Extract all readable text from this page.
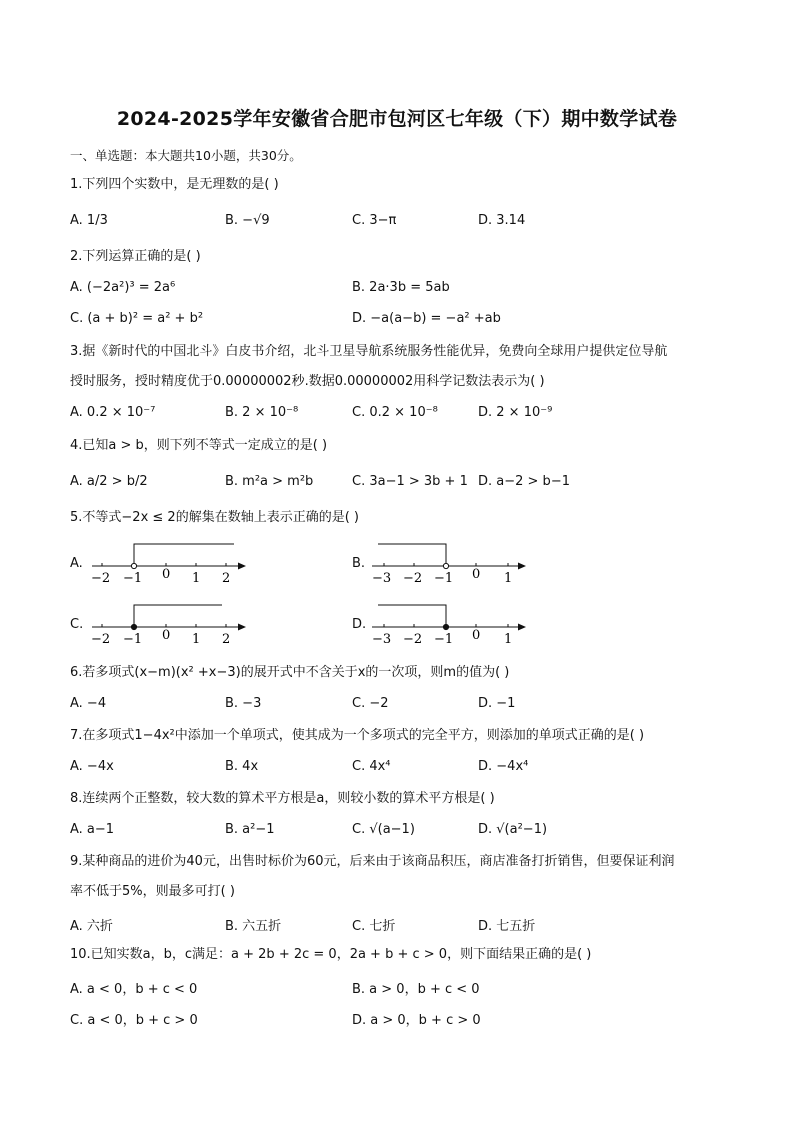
2024-2025学年安徽省合肥市包河区七年级（下）期中数学试卷
一、单选题：本大题共10小题，共30分。
1.下列四个实数中，是无理数的是( )
A. 1/3	B. −√9	C. 3−π	D. 3.14
2.下列运算正确的是( )
A. (−2a²)³ = 2a⁶	B. 2a·3b = 5ab
C. (a + b)² = a² + b²	D. −a(a−b) = −a² +ab
3.据《新时代的中国北斗》白皮书介绍，北斗卫星导航系统服务性能优异，免费向全球用户提供定位导航
授时服务，授时精度优于0.00000002秒.数据0.00000002用科学记数法表示为( )
A. 0.2 × 10⁻⁷	B. 2 × 10⁻⁸	C. 0.2 × 10⁻⁸	D. 2 × 10⁻⁹
4.已知a > b，则下列不等式一定成立的是( )
A. a/2 > b/2	B. m²a > m²b	C. 3a−1 > 3b + 1 D. a−2 > b−1
5.不等式−2x ≤ 2的解集在数轴上表示正确的是( )
A.
−2 −1 0 1 2
B.
−3 −2 −1 0 1
C.
−2 −1 0 1 2
D.
−3 −2 −1 0 1
6.若多项式(x−m)(x² +x−3)的展开式中不含关于x的一次项，则m的值为( )
A. −4	B. −3	C. −2	D. −1
7.在多项式1−4x²中添加一个单项式，使其成为一个多项式的完全平方，则添加的单项式正确的是( )
A. −4x	B. 4x	C. 4x⁴	D. −4x⁴
8.连续两个正整数，较大数的算术平方根是a，则较小数的算术平方根是( )
A. a−1	B. a²−1	C. √(a−1)	D. √(a²−1)
9.某种商品的进价为40元，出售时标价为60元，后来由于该商品积压，商店准备打折销售，但要保证利润
率不低于5%，则最多可打( )
A. 六折	B. 六五折	C. 七折	D. 七五折
10.已知实数a，b，c满足：a + 2b + 2c = 0，2a + b + c > 0，则下面结果正确的是( )
A. a < 0，b + c < 0	B. a > 0，b + c < 0
C. a < 0，b + c > 0	D. a > 0，b + c > 0
